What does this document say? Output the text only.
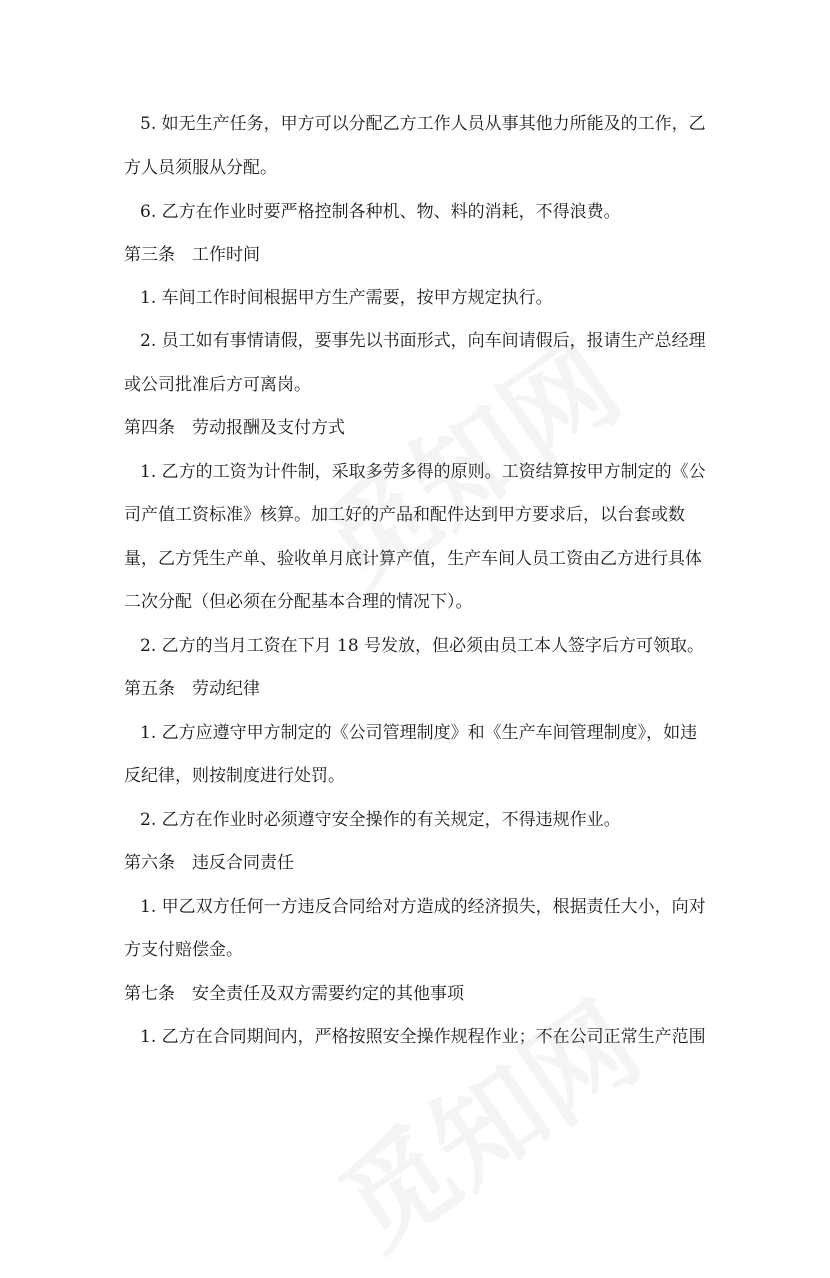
5. 如无生产任务，甲方可以分配乙方工作人员从事其他力所能及的工作，乙
方人员须服从分配。
6. 乙方在作业时要严格控制各种机、物、料的消耗，不得浪费。
第三条　工作时间
1. 车间工作时间根据甲方生产需要，按甲方规定执行。
2. 员工如有事情请假，要事先以书面形式，向车间请假后，报请生产总经理
或公司批准后方可离岗。
第四条　劳动报酬及支付方式
1. 乙方的工资为计件制，采取多劳多得的原则。工资结算按甲方制定的《公
司产值工资标准》核算。加工好的产品和配件达到甲方要求后，以台套或数
量，乙方凭生产单、验收单月底计算产值，生产车间人员工资由乙方进行具体
二次分配（但必须在分配基本合理的情况下）。
2. 乙方的当月工资在下月 18 号发放，但必须由员工本人签字后方可领取。
第五条　劳动纪律
1. 乙方应遵守甲方制定的《公司管理制度》和《生产车间管理制度》，如违
反纪律，则按制度进行处罚。
2. 乙方在作业时必须遵守安全操作的有关规定，不得违规作业。
第六条　违反合同责任
1. 甲乙双方任何一方违反合同给对方造成的经济损失，根据责任大小，向对
方支付赔偿金。
第七条　安全责任及双方需要约定的其他事项
1. 乙方在合同期间内，严格按照安全操作规程作业；不在公司正常生产范围
